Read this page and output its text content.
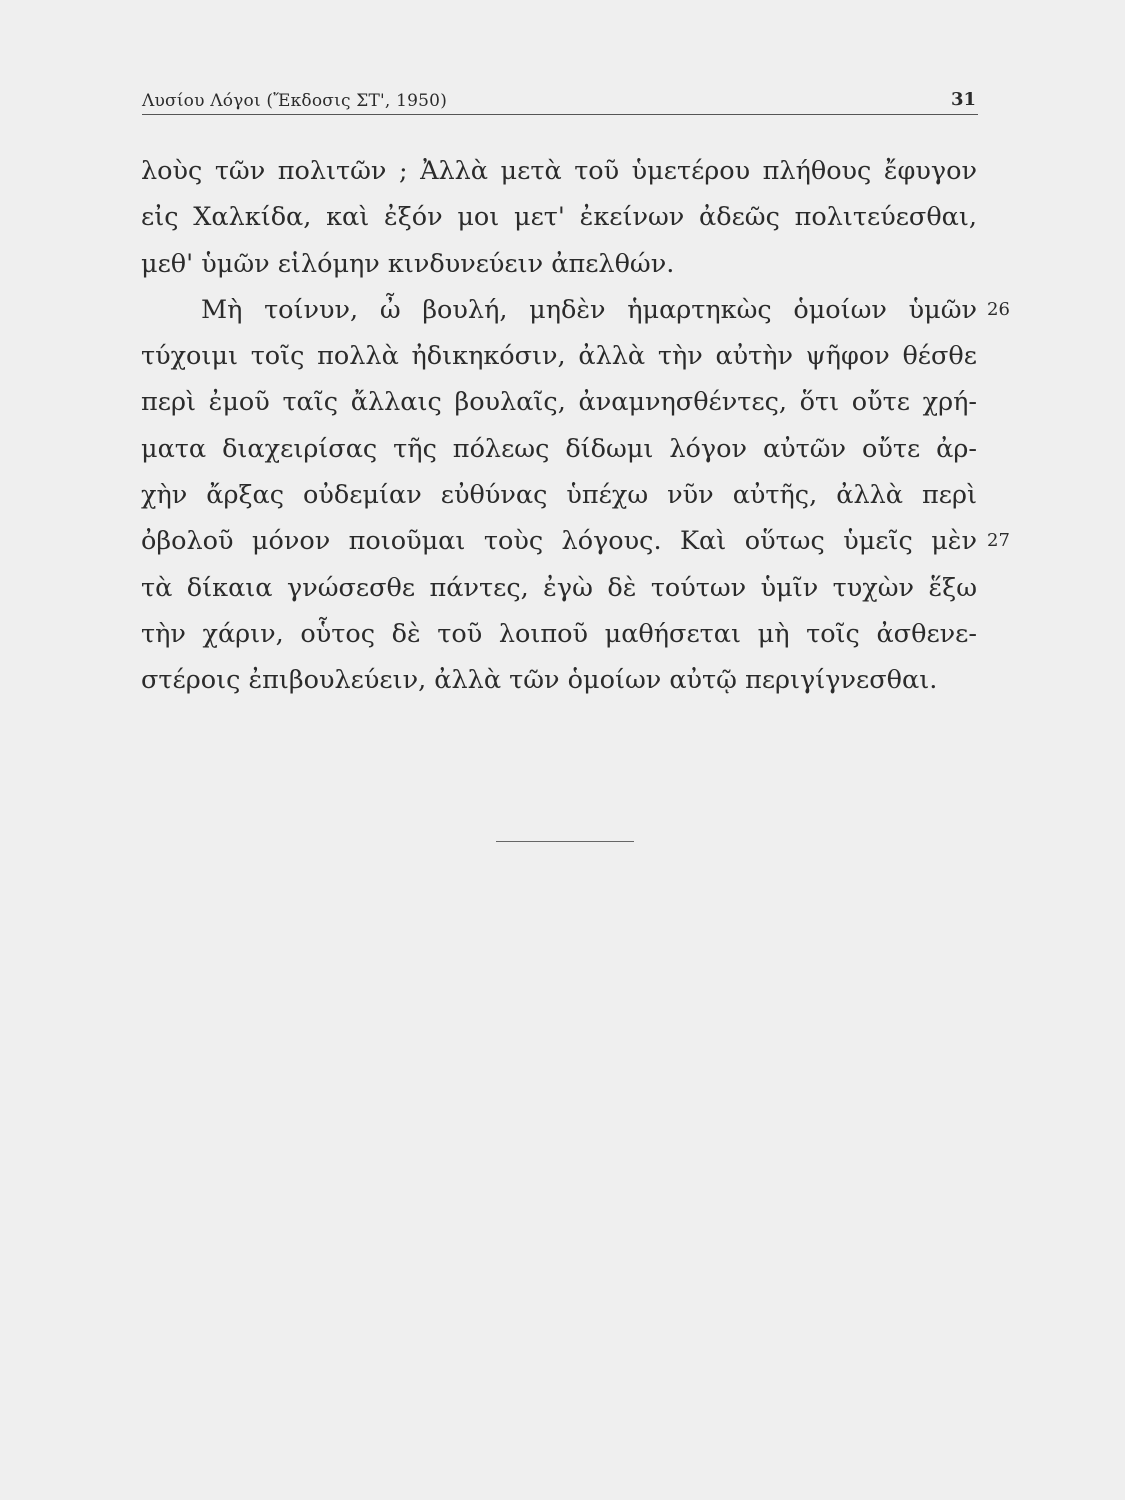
Λυσίου Λόγοι (Ἔκδοσις ΣΤ', 1950)	31
λοὺς τῶν πολιτῶν ; Ἀλλὰ μετὰ τοῦ ὑμετέρου πλήθους ἔφυγον
εἰς Χαλκίδα, καὶ ἐξόν μοι μετ' ἐκείνων ἀδεῶς πολιτεύεσθαι,
μεθ' ὑμῶν εἱλόμην κινδυνεύειν ἀπελθών.
Μὴ τοίνυν, ὦ βουλή, μηδὲν ἡμαρτηκὼς ὁμοίων ὑμῶν 26
τύχοιμι τοῖς πολλὰ ἠδικηκόσιν, ἀλλὰ τὴν αὐτὴν ψῆφον θέσθε
περὶ ἐμοῦ ταῖς ἄλλαις βουλαῖς, ἀναμνησθέντες, ὅτι οὔτε χρή-
ματα διαχειρίσας τῆς πόλεως δίδωμι λόγον αὐτῶν οὔτε ἀρ-
χὴν ἄρξας οὐδεμίαν εὐθύνας ὑπέχω νῦν αὐτῆς, ἀλλὰ περὶ
ὀβολοῦ μόνον ποιοῦμαι τοὺς λόγους. Καὶ οὕτως ὑμεῖς μὲν 27
τὰ δίκαια γνώσεσθε πάντες, ἐγὼ δὲ τούτων ὑμῖν τυχὼν ἕξω
τὴν χάριν, οὗτος δὲ τοῦ λοιποῦ μαθήσεται μὴ τοῖς ἀσθενε-
στέροις ἐπιβουλεύειν, ἀλλὰ τῶν ὁμοίων αὐτῷ περιγίγνεσθαι.
